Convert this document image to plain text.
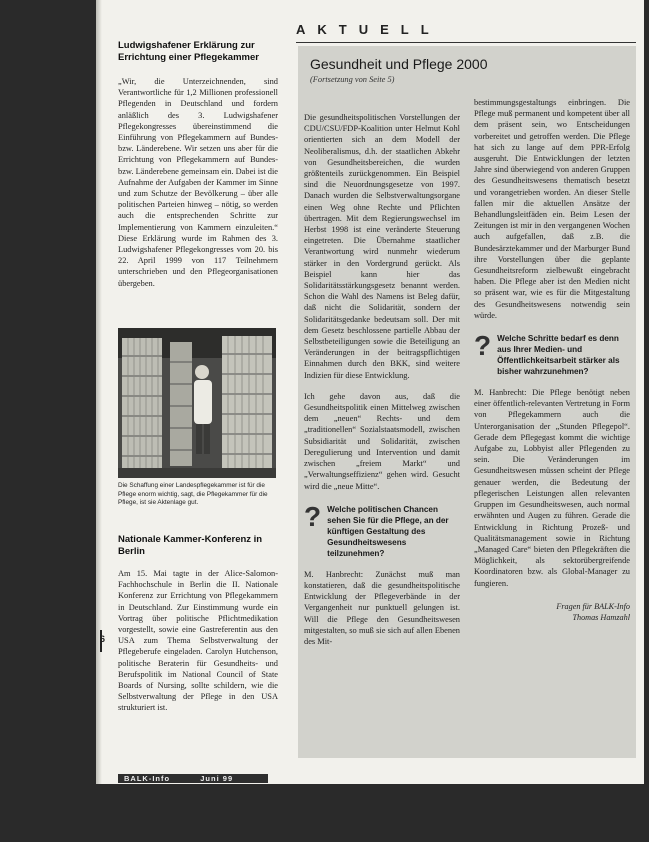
AKTUELL

Ludwigshafener Erklärung zur Errichtung einer Pflegekammer

„Wir, die Unterzeichnenden, sind Verantwortliche für 1,2 Millionen professionell Pflegenden in Deutschland und fordern anläßlich des 3. Ludwigshafener Pflegekongresses übereinstimmend die Einführung von Pflegekammern auf Bundes- bzw. Länderebene. Wir setzen uns aber für die Errichtung von Pflegekammern auf Bundes- bzw. Länderebene gemeinsam ein. Dabei ist die Aufnahme der Aufgaben der Kammer im Sinne und zum Schutze der Bevölkerung – über alle politischen Parteien hinweg – nötig, so werden auch die entsprechenden Schritte zur Implementierung von Kammern einzuleiten.“ Diese Erklärung wurde im Rahmen des 3. Ludwigshafener Pflegekongresses vom 20. bis 22. April 1999 von 117 Teilnehmern unterschrieben und den Pflegeorganisationen übergeben.

Die Schaffung einer Landespflegekammer ist für die Pflege enorm wichtig, sagt, die Pflegekammer für die Pflege, ist sie Aktenlage gut.

Nationale Kammer-Konferenz in Berlin

Am 15. Mai tagte in der Alice-Salomon-Fachhochschule in Berlin die II. Nationale Konferenz zur Errichtung von Pflegekammern in Deutschland. Zur Einstimmung wurde ein Vortrag über politische Pflichtmedikation vorgestellt, sowie eine Gastreferentin aus den USA zum Thema Selbstverwaltung der Pflegeberufe eingeladen. Carolyn Hutchenson, politische Beraterin für Gesundheits- und Berufspolitik im National Council of State Boards of Nursing, sollte schildern, wie die Selbstverwaltung der Pflege in den USA strukturiert ist.

6
Gesundheit und Pflege 2000
(Fortsetzung von Seite 5)

Die gesundheitspolitischen Vorstellungen der CDU/CSU/FDP-Koalition unter Helmut Kohl orientierten sich an dem Modell der Neoliberalismus, d.h. der staatlichen Abkehr von Gesundheitsbereichen, die wurden größtenteils zurückgenommen. Ein Beispiel sind die Neuordnungsgesetze von 1997. Danach wurden die Selbstverwaltungsorgane einen Weg ohne Rechte und Pflichten übertragen. Mit dem Regierungswechsel im Herbst 1998 ist eine veränderte Steuerung eingetreten. Die Übernahme staatlicher Verantwortung wird nunmehr wiederum stärker in den Vordergrund gerückt. Als Beispiel kann hier das Solidaritätsstärkungsgesetz benannt werden. Schon die Wahl des Namens ist Beleg dafür, daß nicht die Solidarität, sondern der Solidaritätsgedanke bedeutsam soll. Der mit dem Gesetz beschlossene partielle Abbau der Selbstbeteiligungen sowie die Beteiligung an Veränderungen in der beitragspflichtigen Einnahmen durch den BKK, sind weitere Indizien für diese Entwicklung.

Ich gehe davon aus, daß die Gesundheitspolitik einen Mittelweg zwischen dem „neuen“ Rechts- und dem „traditionellen“ Sozialstaatsmodell, zwischen Subsidiarität und Solidarität, zwischen Deregulierung und Intervention und damit zwischen „freiem Markt“ und „Verwaltungseffizienz“ gehen wird. Gesucht wird die „neue Mitte“.

? Welche politischen Chancen sehen Sie für die Pflege, an der künftigen Gestaltung des Gesundheitswesens teilzunehmen?

M. Hanbrecht: Zunächst muß man konstatieren, daß die gesundheitspolitische Entwicklung der Pflegeverbände in der Vergangenheit nur punktuell gelungen ist. Will die Pflege den Gesundheitswesen mitgestalten, so muß sie sich auf allen Ebenen des Mit-

bestimmungsgestaltungs einbringen. Die Pflege muß permanent und kompetent über all dem präsent sein, wo Entscheidungen vorbereitet und getroffen werden. Die Pflege hat sich zu lange auf dem PPR-Erfolg ausgeruht. Die Entwicklungen der letzten Jahre sind überwiegend von anderen Gruppen des Gesundheitswesens thematisch besetzt und vorangetrieben worden. An dieser Stelle fallen mir die aktuellen Ansätze der Behandlungsleitfäden ein. Beim Lesen der Zeitungen ist mir in den vergangenen Wochen auch aufgefallen, daß z.B. die Bundesärztekammer und der Marburger Bund ihre Vorstellungen über die geplante Gesundheitsreform zielbewußt eingebracht haben. Die Pflege aber ist den Medien nicht so präsent war, wie es für die Mitgestaltung des Gesundheitswesens notwendig sein würde.

? Welche Schritte bedarf es denn aus Ihrer Medien- und Öffentlichkeitsarbeit stärker als bisher wahrzunehmen?

M. Hanbrecht: Die Pflege benötigt neben einer öffentlich-relevanten Vertretung in Form von Pflegekammern auch die Unterorganisation der „Stunden Pflegepol“. Gerade dem Pflegegast kommt die wichtige Aufgabe zu, Lobbyist aller Pflegenden zu sein. Die Veränderungen im Gesundheitswesen müssen scheint der Pflege genauer werden, die Bedeutung der pflegerischen Leistungen allen relevanten Gruppen im Gesundheitswesen, auch normal erwähnten und Augen zu führen. Gerade die Entwicklung in Richtung Prozeß- und Qualitätsmanagement sowie in Richtung „Managed Care“ bieten den Pflegekräften die Möglichkeit, als sektorübergreifende Koordinatoren bzw. als Global-Manager zu fungieren.

Fragen für BALK-Info

Thomas Hamzahl

BALK-Info	Juni 99
